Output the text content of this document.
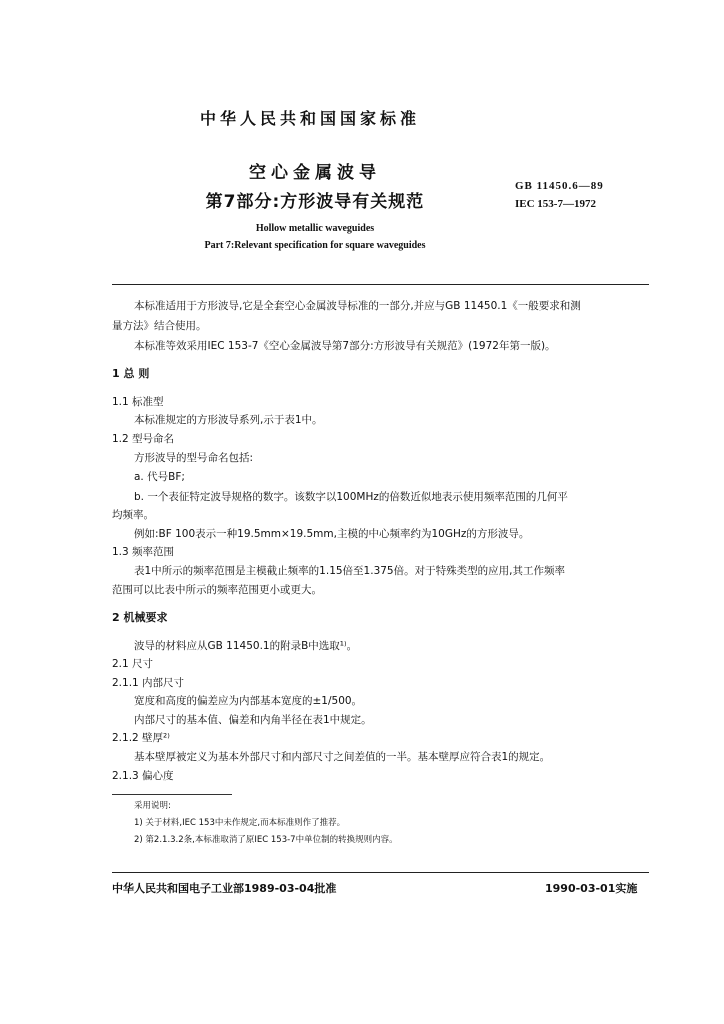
中华人民共和国国家标准
空心金属波导
第7部分:方形波导有关规范
Hollow metallic waveguides
Part 7:Relevant specification for square waveguides
GB 11450.6—89
IEC 153-7—1972
本标准适用于方形波导,它是全套空心金属波导标准的一部分,并应与GB 11450.1《一般要求和测
量方法》结合使用。
本标准等效采用IEC 153-7《空心金属波导第7部分:方形波导有关规范》(1972年第一版)。
1 总 则
1.1 标准型
本标准规定的方形波导系列,示于表1中。
1.2 型号命名
方形波导的型号命名包括:
a. 代号BF;
b. 一个表征特定波导规格的数字。该数字以100MHz的倍数近似地表示使用频率范围的几何平
均频率。
例如:BF 100表示一种19.5mm×19.5mm,主模的中心频率约为10GHz的方形波导。
1.3 频率范围
表1中所示的频率范围是主模截止频率的1.15倍至1.375倍。对于特殊类型的应用,其工作频率
范围可以比表中所示的频率范围更小或更大。
2 机械要求
波导的材料应从GB 11450.1的附录B中选取¹⁾。
2.1 尺寸
2.1.1 内部尺寸
宽度和高度的偏差应为内部基本宽度的±1/500。
内部尺寸的基本值、偏差和内角半径在表1中规定。
2.1.2 壁厚²⁾
基本壁厚被定义为基本外部尺寸和内部尺寸之间差值的一半。基本壁厚应符合表1的规定。
2.1.3 偏心度
采用说明:
1) 关于材料,IEC 153中未作规定,而本标准则作了推荐。
2) 第2.1.3.2条,本标准取消了原IEC 153-7中单位制的转换规则内容。
中华人民共和国电子工业部1989-03-04批准	1990-03-01实施
